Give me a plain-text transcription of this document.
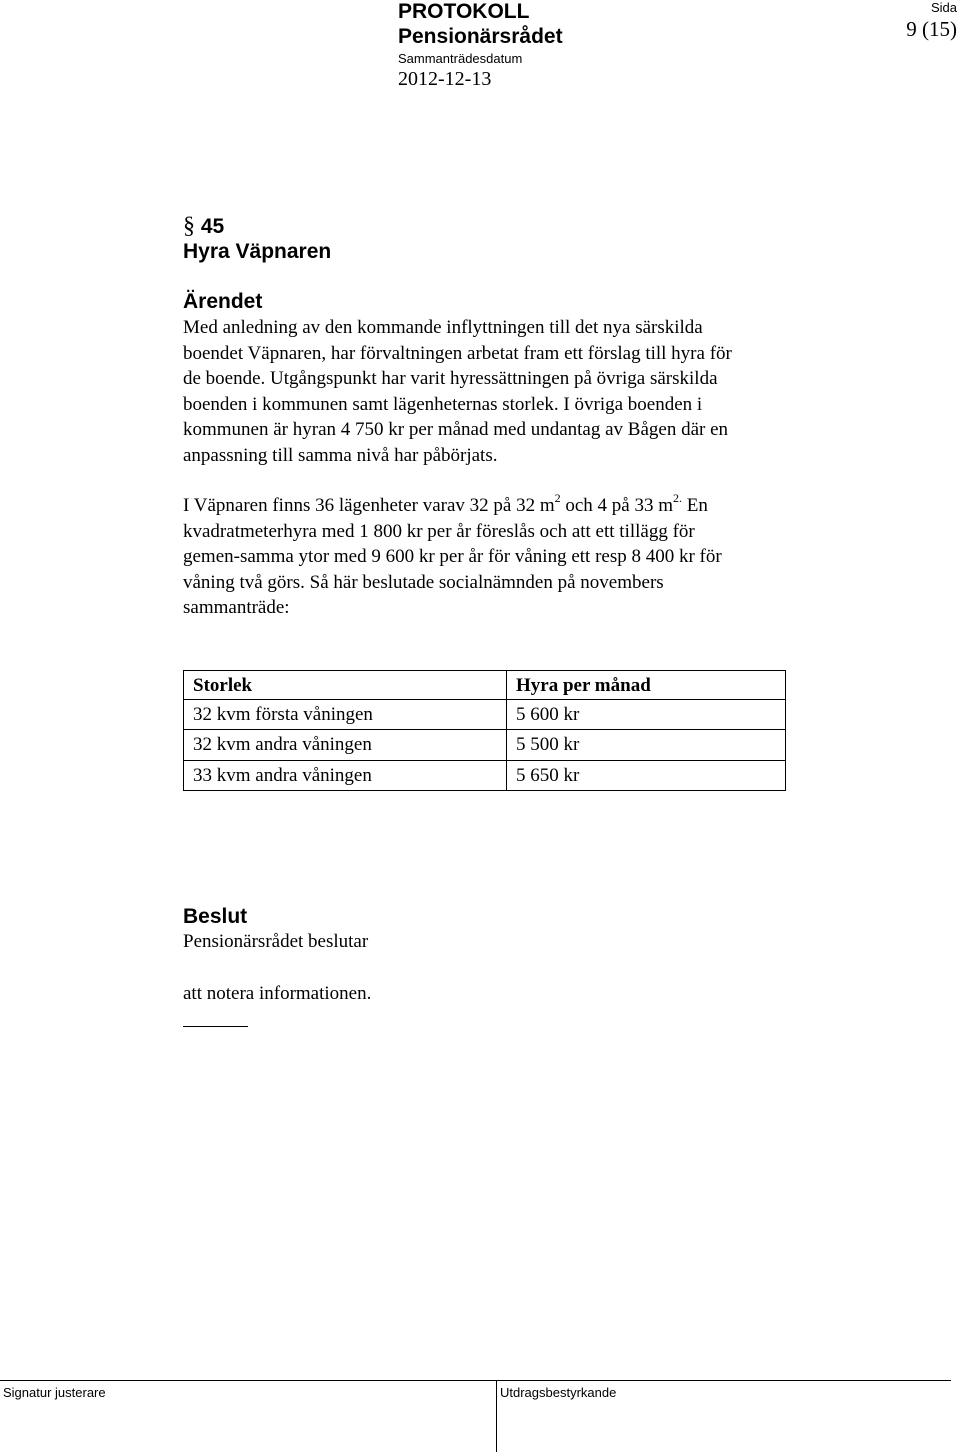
PROTOKOLL
Pensionärsrådet
Sammanträdesdatum
2012-12-13
Sida
9 (15)
§ 45
Hyra Väpnaren
Ärendet
Med anledning av den kommande inflyttningen till det nya särskilda
boendet Väpnaren, har förvaltningen arbetat fram ett förslag till hyra för
de boende. Utgångspunkt har varit hyressättningen på övriga särskilda
boenden i kommunen samt lägenheternas storlek. I övriga boenden i
kommunen är hyran 4 750 kr per månad med undantag av Bågen där en
anpassning till samma nivå har påbörjats.
I Väpnaren finns 36 lägenheter varav 32 på 32 $m^2$ och 4 på 33 $m^{2.}$ En
kvadratmeterhyra med 1 800 kr per år föreslås och att ett tillägg för
gemen-samma ytor med 9 600 kr per år för våning ett resp 8 400 kr för
våning två görs. Så här beslutade socialnämnden på novembers
sammanträde:
Storlek	Hyra per månad
32 kvm första våningen	5 600 kr
32 kvm andra våningen	5 500 kr
33 kvm andra våningen	5 650 kr
Beslut
Pensionärsrådet beslutar
att notera informationen.
Signatur justerare	Utdragsbestyrkande
